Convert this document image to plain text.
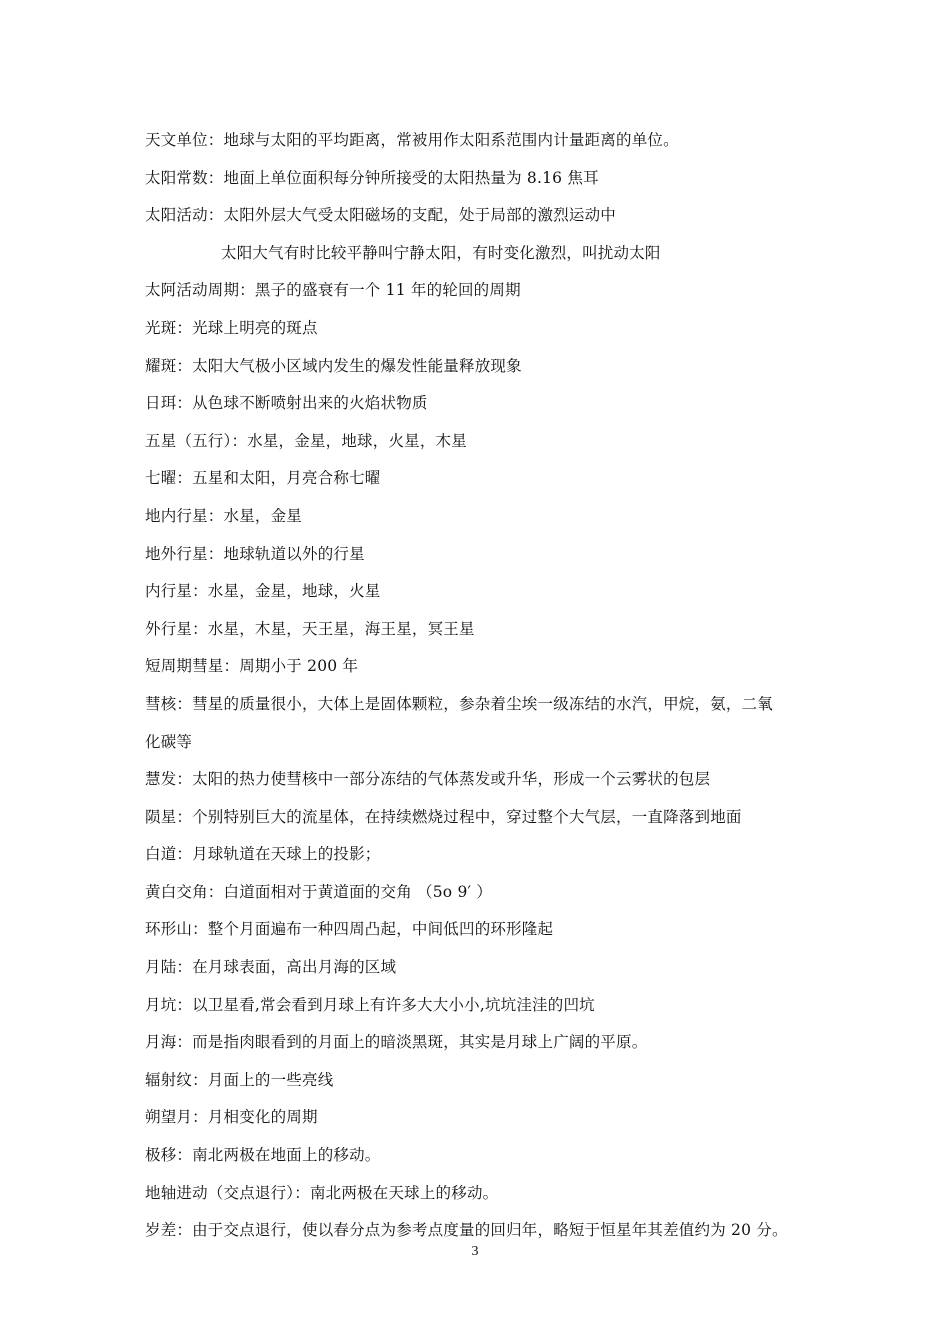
天文单位：地球与太阳的平均距离，常被用作太阳系范围内计量距离的单位。
太阳常数：地面上单位面积每分钟所接受的太阳热量为 8.16 焦耳
太阳活动：太阳外层大气受太阳磁场的支配，处于局部的激烈运动中
太阳大气有时比较平静叫宁静太阳，有时变化激烈，叫扰动太阳
太阿活动周期：黑子的盛衰有一个 11 年的轮回的周期
光斑：光球上明亮的斑点
耀斑：太阳大气极小区域内发生的爆发性能量释放现象
日珥：从色球不断喷射出来的火焰状物质
五星（五行）：水星，金星，地球，火星，木星
七曜：五星和太阳，月亮合称七曜
地内行星：水星，金星
地外行星：地球轨道以外的行星
内行星：水星，金星，地球，火星
外行星：水星，木星，天王星，海王星，冥王星
短周期彗星：周期小于 200 年
彗核：彗星的质量很小，大体上是固体颗粒，参杂着尘埃一级冻结的水汽，甲烷，氨，二氧
化碳等
慧发：太阳的热力使彗核中一部分冻结的气体蒸发或升华，形成一个云雾状的包层
陨星：个别特别巨大的流星体，在持续燃烧过程中，穿过整个大气层，一直降落到地面
白道：月球轨道在天球上的投影；
黄白交角：白道面相对于黄道面的交角 （5o 9′ ）
环形山：整个月面遍布一种四周凸起，中间低凹的环形隆起
月陆：在月球表面，高出月海的区域
月坑：以卫星看,常会看到月球上有许多大大小小,坑坑洼洼的凹坑
月海：而是指肉眼看到的月面上的暗淡黑斑，其实是月球上广阔的平原。
辐射纹：月面上的一些亮线
朔望月：月相变化的周期
极移：南北两极在地面上的移动。
地轴进动（交点退行）：南北两极在天球上的移动。
岁差：由于交点退行，使以春分点为参考点度量的回归年，略短于恒星年其差值约为 20 分。
3
